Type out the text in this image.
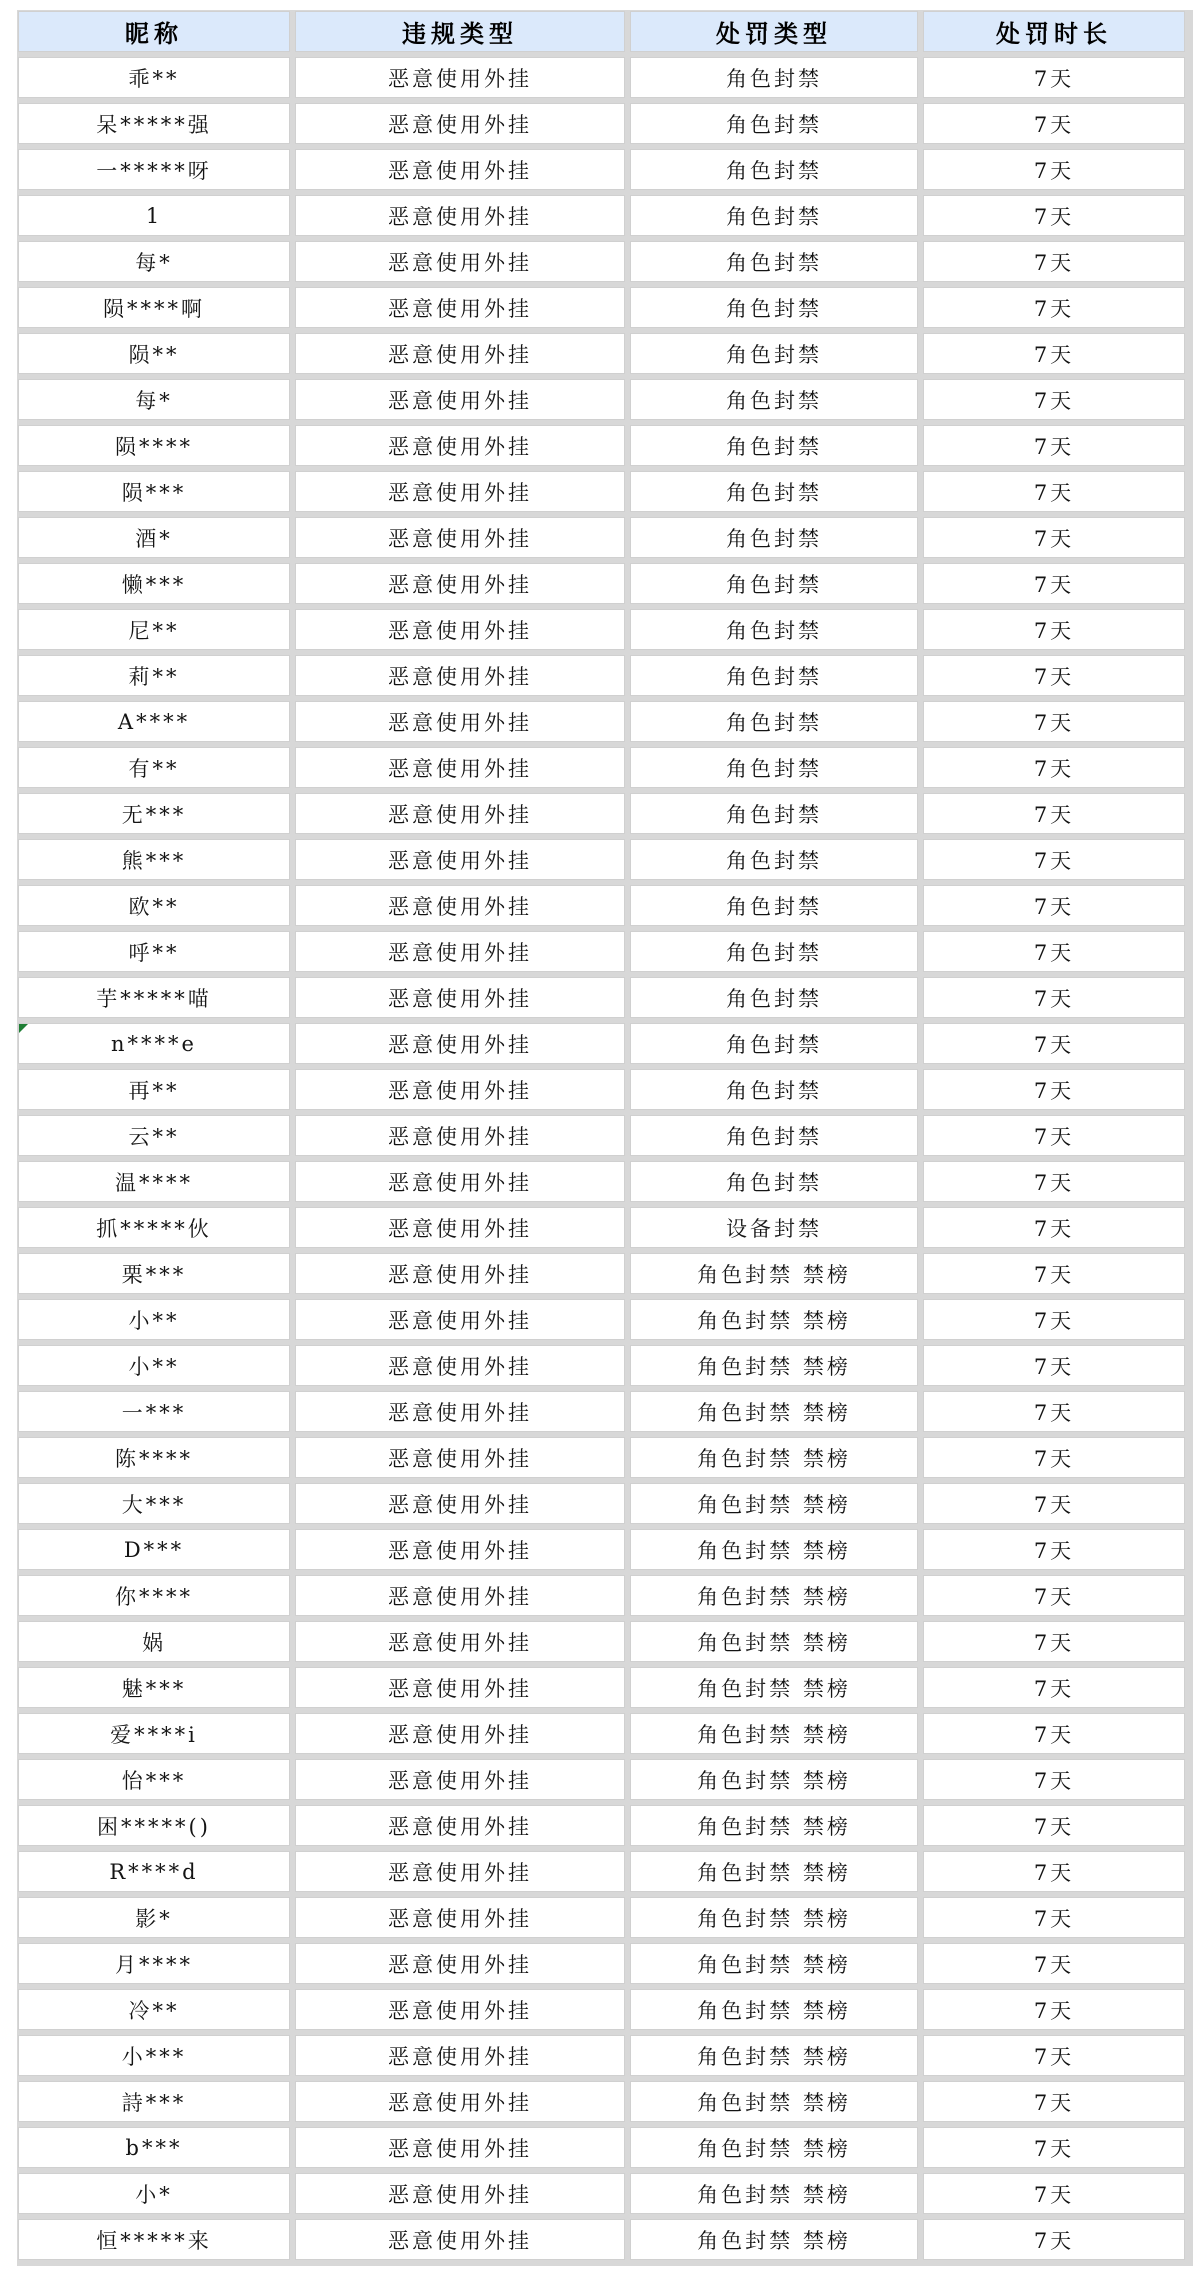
昵称	违规类型	处罚类型	处罚时长
乖**	恶意使用外挂	角色封禁	7天
呆*****强	恶意使用外挂	角色封禁	7天
一*****呀	恶意使用外挂	角色封禁	7天
1	恶意使用外挂	角色封禁	7天
每*	恶意使用外挂	角色封禁	7天
陨****啊	恶意使用外挂	角色封禁	7天
陨**	恶意使用外挂	角色封禁	7天
每*	恶意使用外挂	角色封禁	7天
陨****	恶意使用外挂	角色封禁	7天
陨***	恶意使用外挂	角色封禁	7天
酒*	恶意使用外挂	角色封禁	7天
懒***	恶意使用外挂	角色封禁	7天
尼**	恶意使用外挂	角色封禁	7天
莉**	恶意使用外挂	角色封禁	7天
A****	恶意使用外挂	角色封禁	7天
有**	恶意使用外挂	角色封禁	7天
无***	恶意使用外挂	角色封禁	7天
熊***	恶意使用外挂	角色封禁	7天
欧**	恶意使用外挂	角色封禁	7天
呼**	恶意使用外挂	角色封禁	7天
芋*****喵	恶意使用外挂	角色封禁	7天
n****e	恶意使用外挂	角色封禁	7天
再**	恶意使用外挂	角色封禁	7天
云**	恶意使用外挂	角色封禁	7天
温****	恶意使用外挂	角色封禁	7天
抓*****伙	恶意使用外挂	设备封禁	7天
栗***	恶意使用外挂	角色封禁 禁榜	7天
小**	恶意使用外挂	角色封禁 禁榜	7天
小**	恶意使用外挂	角色封禁 禁榜	7天
一***	恶意使用外挂	角色封禁 禁榜	7天
陈****	恶意使用外挂	角色封禁 禁榜	7天
大***	恶意使用外挂	角色封禁 禁榜	7天
D***	恶意使用外挂	角色封禁 禁榜	7天
你****	恶意使用外挂	角色封禁 禁榜	7天
娲	恶意使用外挂	角色封禁 禁榜	7天
魅***	恶意使用外挂	角色封禁 禁榜	7天
爱****i	恶意使用外挂	角色封禁 禁榜	7天
怡***	恶意使用外挂	角色封禁 禁榜	7天
困*****()	恶意使用外挂	角色封禁 禁榜	7天
R****d	恶意使用外挂	角色封禁 禁榜	7天
影*	恶意使用外挂	角色封禁 禁榜	7天
月****	恶意使用外挂	角色封禁 禁榜	7天
冷**	恶意使用外挂	角色封禁 禁榜	7天
小***	恶意使用外挂	角色封禁 禁榜	7天
詩***	恶意使用外挂	角色封禁 禁榜	7天
b***	恶意使用外挂	角色封禁 禁榜	7天
小*	恶意使用外挂	角色封禁 禁榜	7天
恒*****来	恶意使用外挂	角色封禁 禁榜	7天
